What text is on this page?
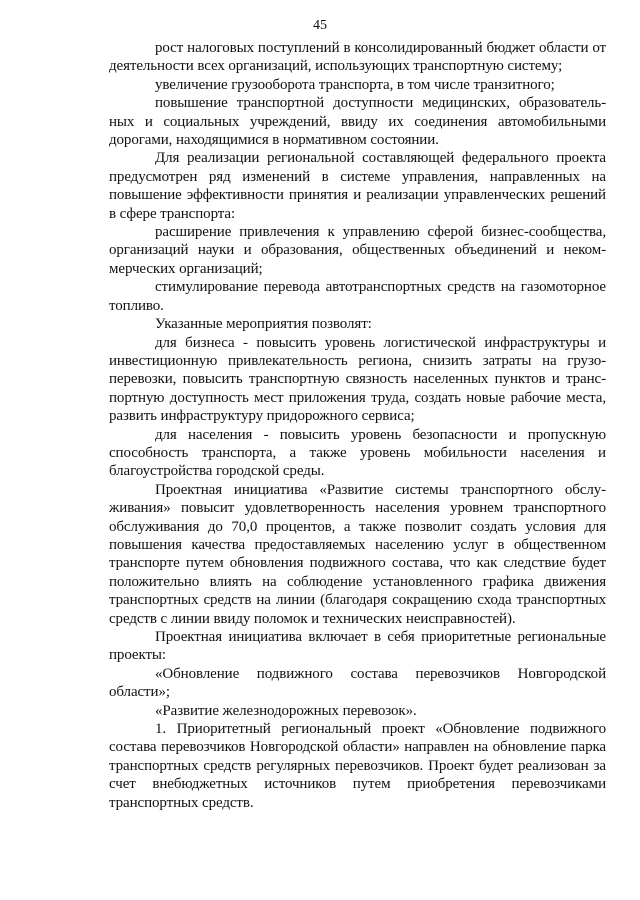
45

рост налоговых поступлений в консолидированный бюджет области от деятельности всех организаций, использующих транспортную систему;

увеличение грузооборота транспорта, в том числе транзитного;

повышение транспортной доступности медицинских, образователь-ных и социальных учреждений, ввиду их соединения автомобильными дорогами, находящимися в нормативном состоянии.

Для реализации региональной составляющей федерального проекта предусмотрен ряд изменений в системе управления, направленных на повышение эффективности принятия и реализации управленческих решений в сфере транспорта:

расширение привлечения к управлению сферой бизнес-сообщества, организаций науки и образования, общественных объединений и неком-мерческих организаций;

стимулирование перевода автотранспортных средств на газомоторное топливо.

Указанные мероприятия позволят:

для бизнеса - повысить уровень логистической инфраструктуры и инвестиционную привлекательность региона, снизить затраты на грузо-перевозки, повысить транспортную связность населенных пунктов и транс-портную доступность мест приложения труда, создать новые рабочие места, развить инфраструктуру придорожного сервиса;

для населения - повысить уровень безопасности и пропускную способность транспорта, а также уровень мобильности населения и благоустройства городской среды.

Проектная инициатива «Развитие системы транспортного обслу-живания» повысит удовлетворенность населения уровнем транспортного обслуживания до 70,0 процентов, а также позволит создать условия для повышения качества предоставляемых населению услуг в общественном транспорте путем обновления подвижного состава, что как следствие будет положительно влиять на соблюдение установленного графика движения транспортных средств на линии (благодаря сокращению схода транспортных средств с линии ввиду поломок и технических неисправностей).

Проектная инициатива включает в себя приоритетные региональные проекты:

«Обновление подвижного состава перевозчиков Новгородской области»;

«Развитие железнодорожных перевозок».

1. Приоритетный региональный проект «Обновление подвижного состава перевозчиков Новгородской области» направлен на обновление парка транспортных средств регулярных перевозчиков. Проект будет реализован за счет внебюджетных источников путем приобретения перевозчиками транспортных средств.
